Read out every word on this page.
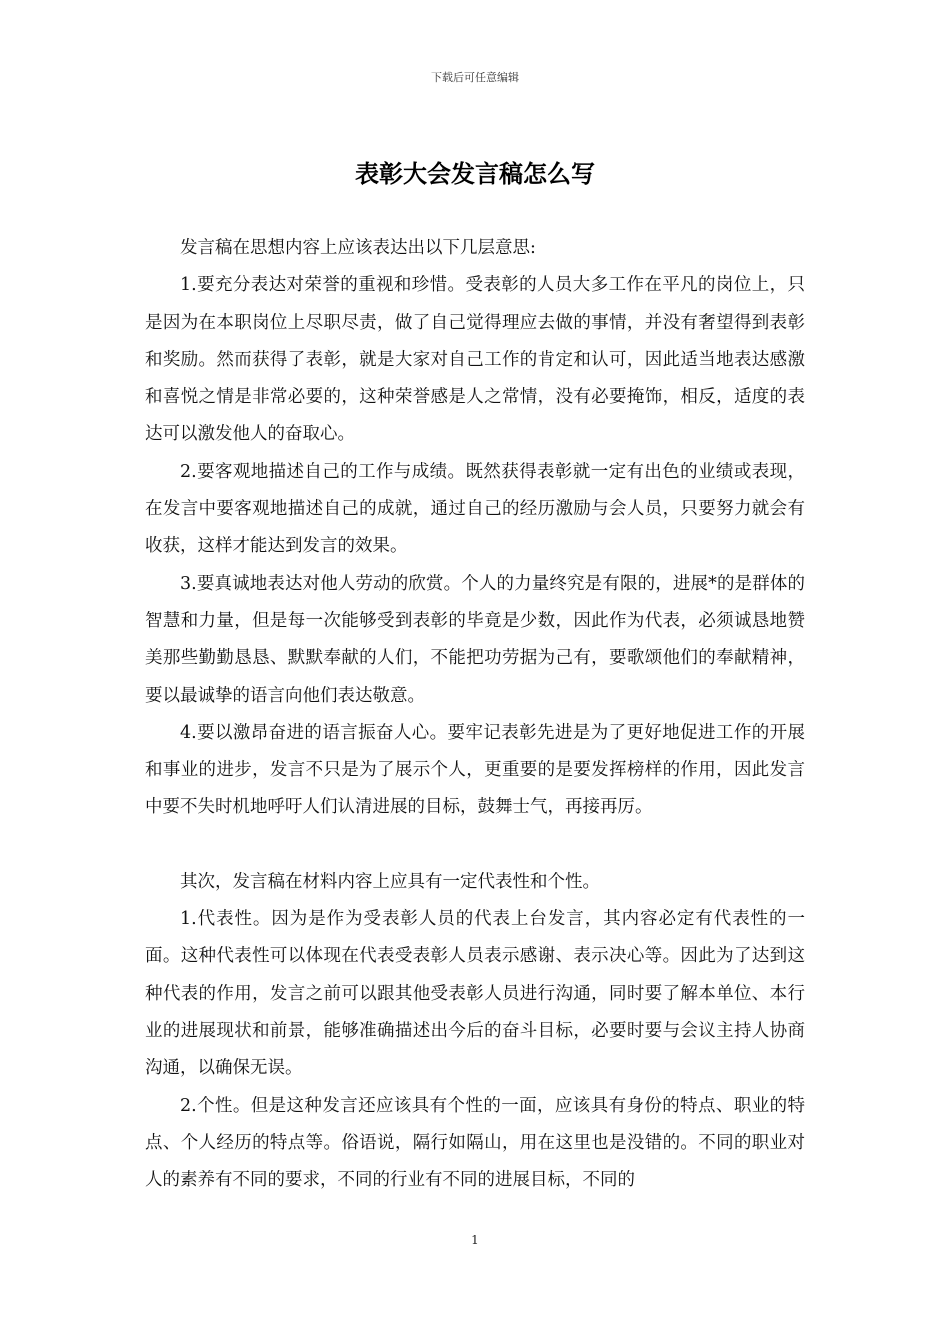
下载后可任意编辑
表彰大会发言稿怎么写

发言稿在思想内容上应该表达出以下几层意思:

1.要充分表达对荣誉的重视和珍惜。受表彰的人员大多工作在平凡的岗位上，只是因为在本职岗位上尽职尽责，做了自己觉得理应去做的事情，并没有奢望得到表彰和奖励。然而获得了表彰，就是大家对自己工作的肯定和认可，因此适当地表达感激和喜悦之情是非常必要的，这种荣誉感是人之常情，没有必要掩饰，相反，适度的表达可以激发他人的奋取心。

2.要客观地描述自己的工作与成绩。既然获得表彰就一定有出色的业绩或表现，在发言中要客观地描述自己的成就，通过自己的经历激励与会人员，只要努力就会有收获，这样才能达到发言的效果。

3.要真诚地表达对他人劳动的欣赏。个人的力量终究是有限的，进展*的是群体的智慧和力量，但是每一次能够受到表彰的毕竟是少数，因此作为代表，必须诚恳地赞美那些勤勤恳恳、默默奉献的人们，不能把功劳据为己有，要歌颂他们的奉献精神，要以最诚挚的语言向他们表达敬意。

4.要以激昂奋进的语言振奋人心。要牢记表彰先进是为了更好地促进工作的开展和事业的进步，发言不只是为了展示个人，更重要的是要发挥榜样的作用，因此发言中要不失时机地呼吁人们认清进展的目标，鼓舞士气，再接再厉。

其次，发言稿在材料内容上应具有一定代表性和个性。

1.代表性。因为是作为受表彰人员的代表上台发言，其内容必定有代表性的一面。这种代表性可以体现在代表受表彰人员表示感谢、表示决心等。因此为了达到这种代表的作用，发言之前可以跟其他受表彰人员进行沟通，同时要了解本单位、本行业的进展现状和前景，能够准确描述出今后的奋斗目标，必要时要与会议主持人协商沟通，以确保无误。

2.个性。但是这种发言还应该具有个性的一面，应该具有身份的特点、职业的特点、个人经历的特点等。俗语说，隔行如隔山，用在这里也是没错的。不同的职业对人的素养有不同的要求，不同的行业有不同的进展目标，不同的

1
